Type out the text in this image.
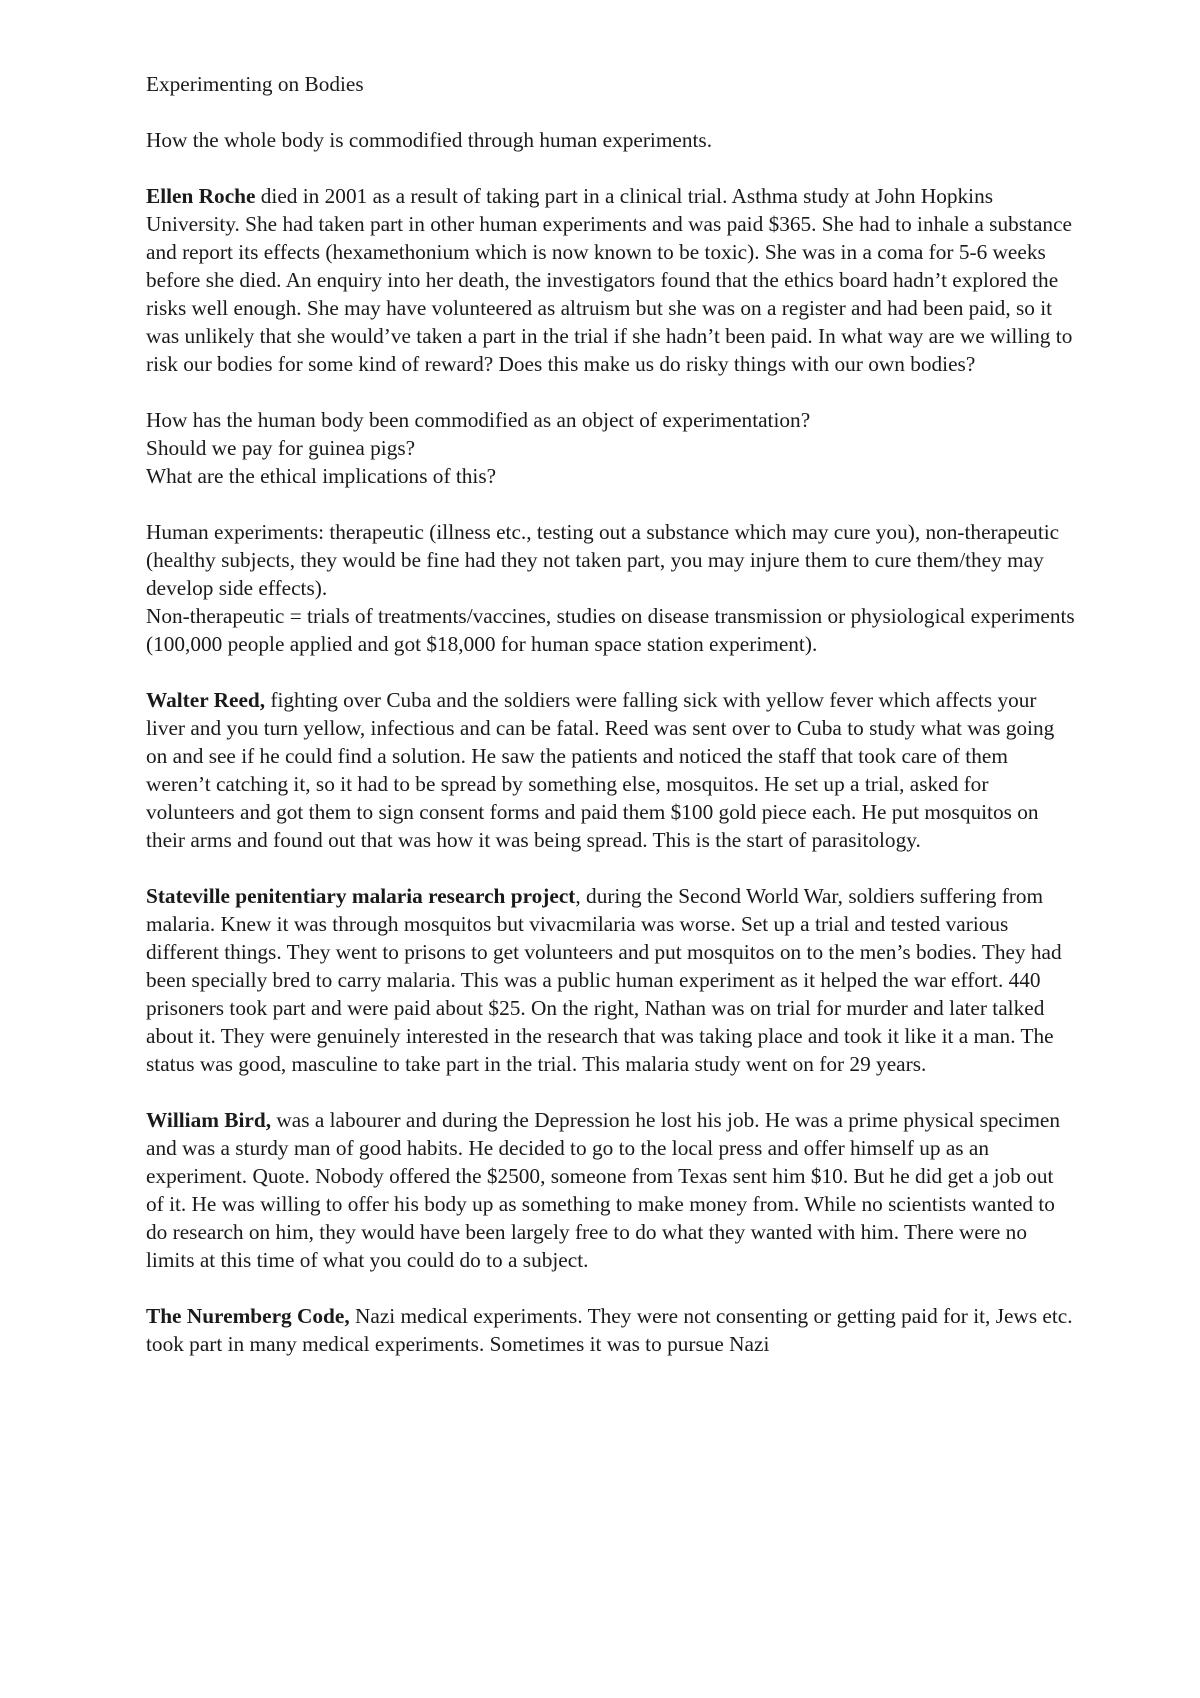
Experimenting on Bodies

How the whole body is commodified through human experiments.

Ellen Roche died in 2001 as a result of taking part in a clinical trial. Asthma study at John Hopkins University. She had taken part in other human experiments and was paid $365. She had to inhale a substance and report its effects (hexamethonium which is now known to be toxic). She was in a coma for 5-6 weeks before she died. An enquiry into her death, the investigators found that the ethics board hadn’t explored the risks well enough. She may have volunteered as altruism but she was on a register and had been paid, so it was unlikely that she would’ve taken a part in the trial if she hadn’t been paid. In what way are we willing to risk our bodies for some kind of reward? Does this make us do risky things with our own bodies?

How has the human body been commodified as an object of experimentation?
Should we pay for guinea pigs?
What are the ethical implications of this?

Human experiments: therapeutic (illness etc., testing out a substance which may cure you), non-therapeutic (healthy subjects, they would be fine had they not taken part, you may injure them to cure them/they may develop side effects).
Non-therapeutic = trials of treatments/vaccines, studies on disease transmission or physiological experiments (100,000 people applied and got $18,000 for human space station experiment).

Walter Reed, fighting over Cuba and the soldiers were falling sick with yellow fever which affects your liver and you turn yellow, infectious and can be fatal. Reed was sent over to Cuba to study what was going on and see if he could find a solution. He saw the patients and noticed the staff that took care of them weren’t catching it, so it had to be spread by something else, mosquitos. He set up a trial, asked for volunteers and got them to sign consent forms and paid them $100 gold piece each. He put mosquitos on their arms and found out that was how it was being spread. This is the start of parasitology.

Stateville penitentiary malaria research project, during the Second World War, soldiers suffering from malaria. Knew it was through mosquitos but vivacmilaria was worse. Set up a trial and tested various different things. They went to prisons to get volunteers and put mosquitos on to the men’s bodies. They had been specially bred to carry malaria. This was a public human experiment as it helped the war effort. 440 prisoners took part and were paid about $25. On the right, Nathan was on trial for murder and later talked about it. They were genuinely interested in the research that was taking place and took it like it a man. The status was good, masculine to take part in the trial. This malaria study went on for 29 years.

William Bird, was a labourer and during the Depression he lost his job. He was a prime physical specimen and was a sturdy man of good habits. He decided to go to the local press and offer himself up as an experiment. Quote. Nobody offered the $2500, someone from Texas sent him $10. But he did get a job out of it. He was willing to offer his body up as something to make money from. While no scientists wanted to do research on him, they would have been largely free to do what they wanted with him. There were no limits at this time of what you could do to a subject.

The Nuremberg Code, Nazi medical experiments. They were not consenting or getting paid for it, Jews etc. took part in many medical experiments. Sometimes it was to pursue Nazi
